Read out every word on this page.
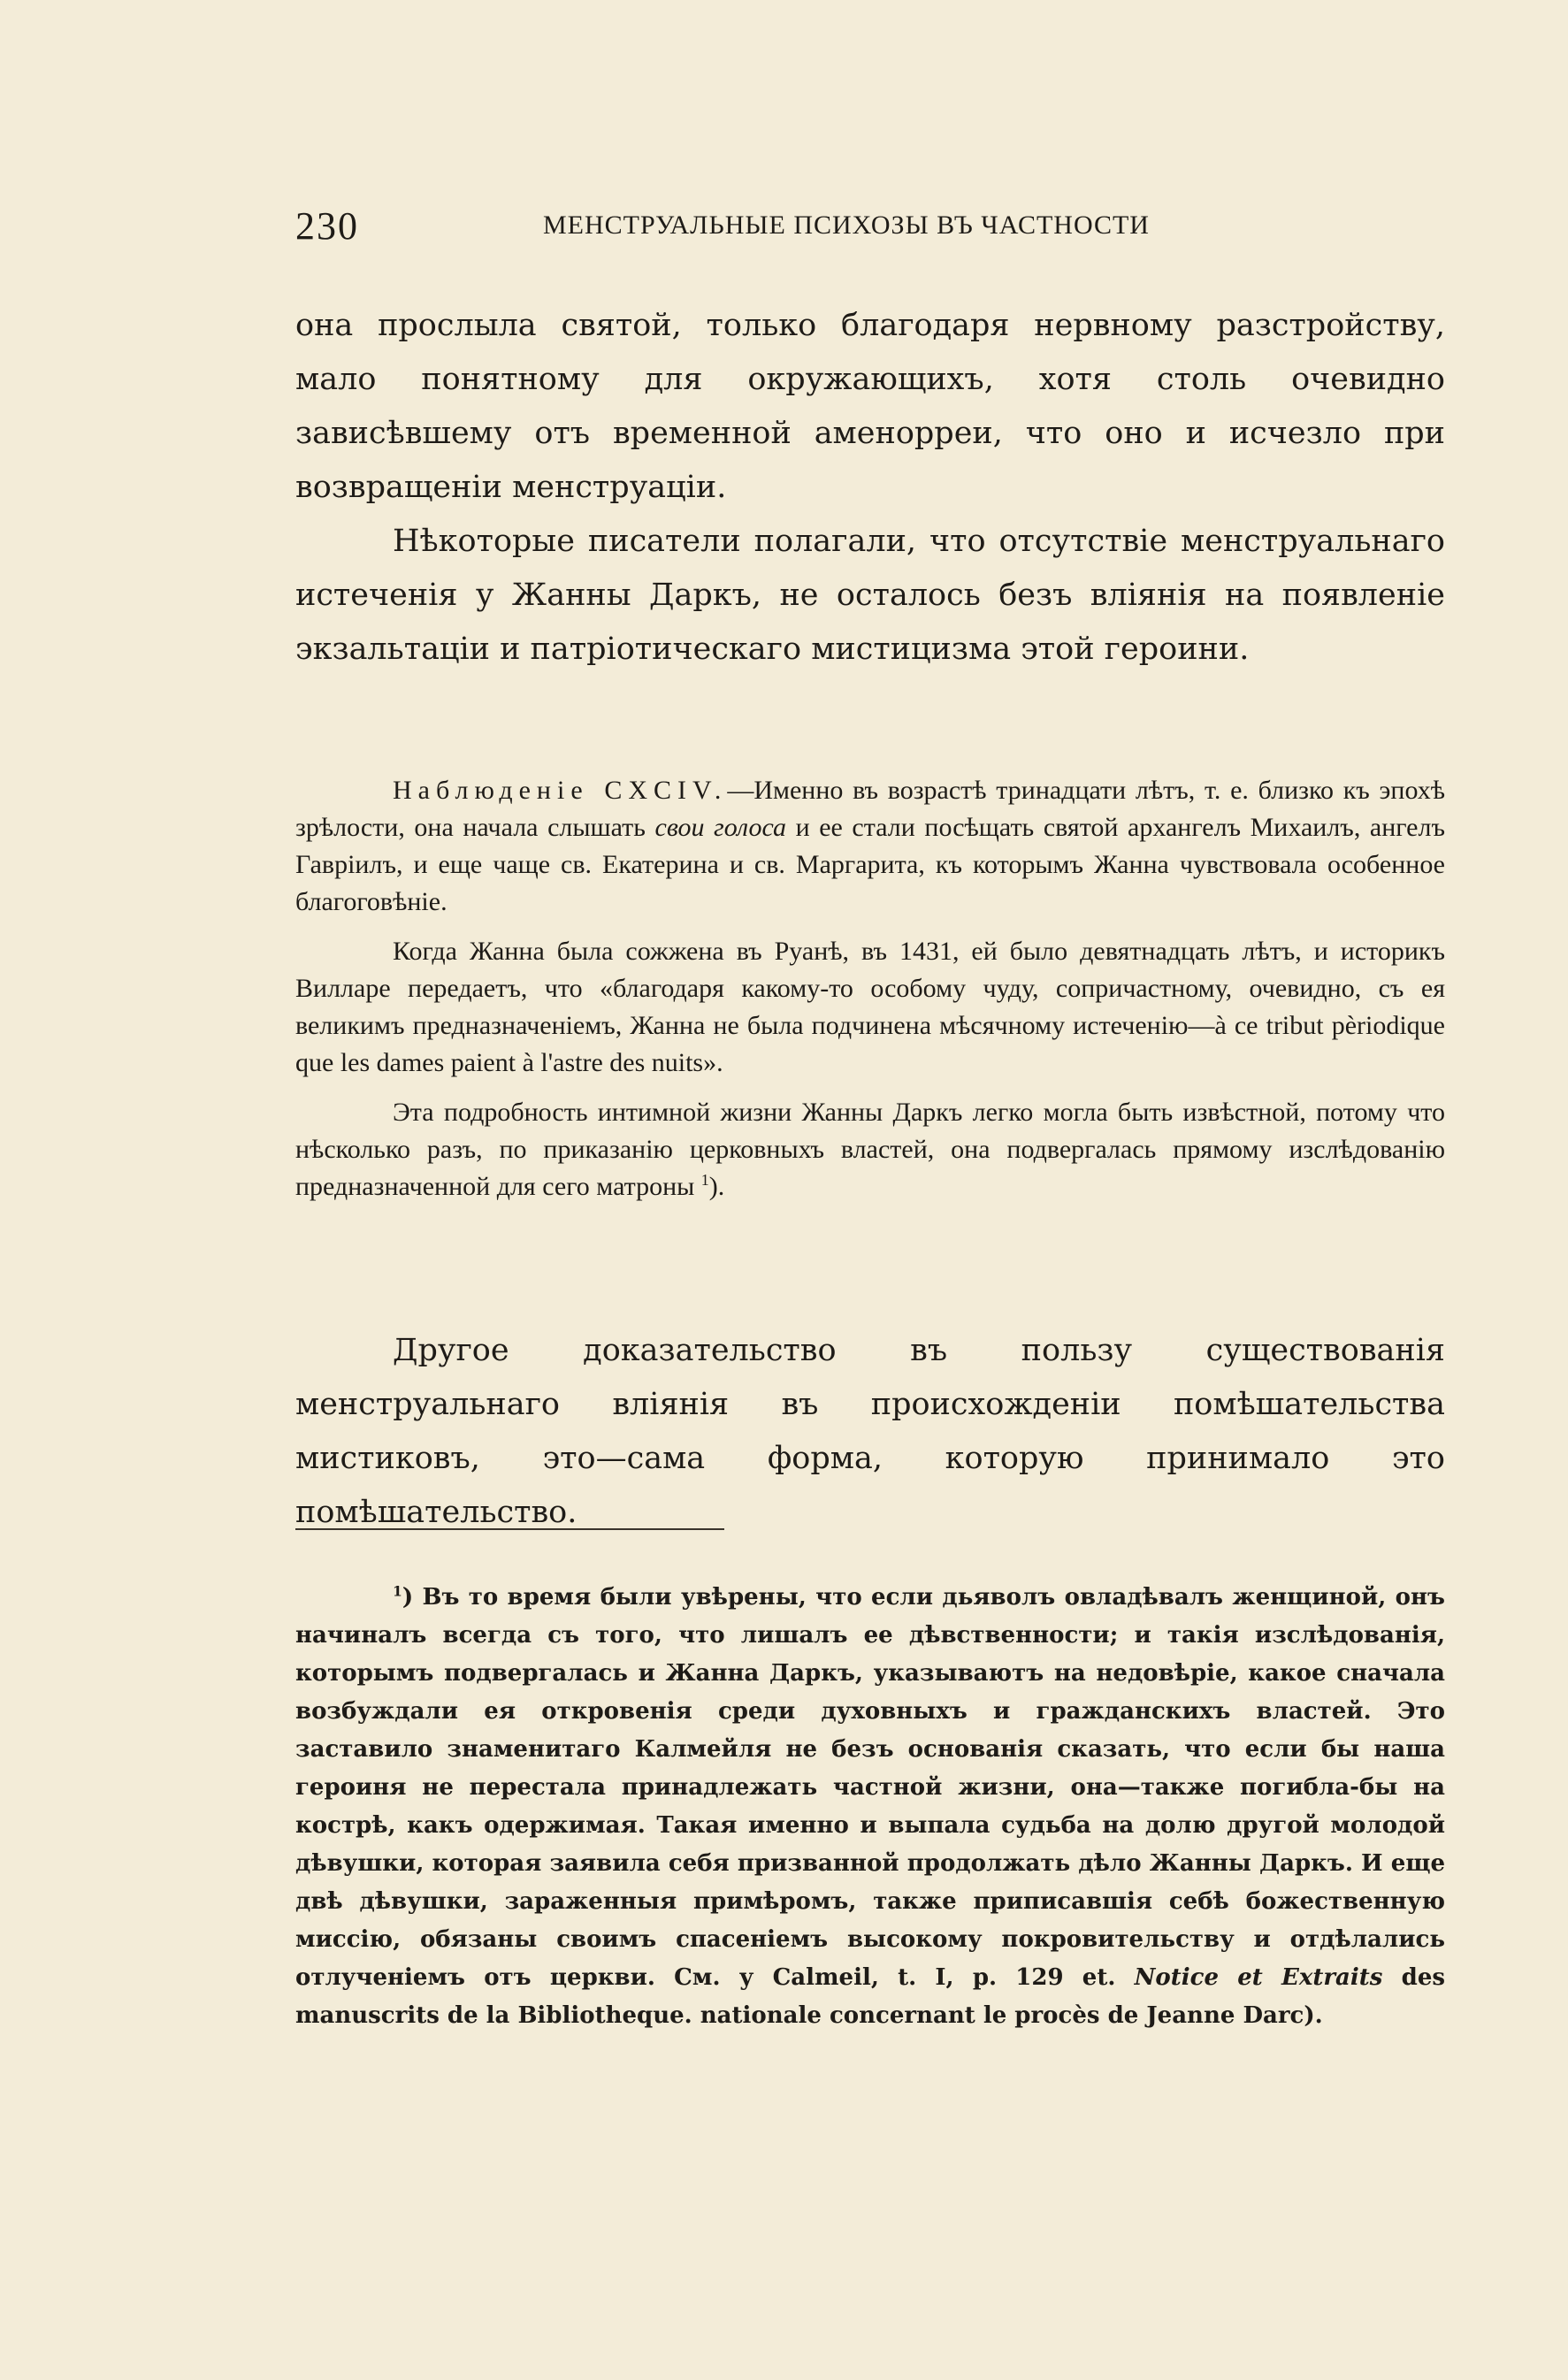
230	МЕНСТРУАЛЬНЫЕ ПСИХОЗЫ ВЪ ЧАСТНОСТИ

она прослыла святой, только благодаря нервному разстройству, мало понятному для окружающихъ, хотя столь очевидно зависѣвшему отъ временной аменорреи, что оно и исчезло при возвращеніи менструаціи.

Нѣкоторые писатели полагали, что отсутствіе менструальнаго истеченія у Жанны Даркъ, не осталось безъ вліянія на появленіе экзальтаціи и патріотическаго мистицизма этой героини.

Наблюденіе CXCIV.—Именно въ возрастѣ тринадцати лѣтъ, т. е. близко къ эпохѣ зрѣлости, она начала слышать свои голоса и ее стали посѣщать святой архангелъ Михаилъ, ангелъ Гавріилъ, и еще чаще св. Екатерина и св. Маргарита, къ которымъ Жанна чувствовала особенное благоговѣніе.

Когда Жанна была сожжена въ Руанѣ, въ 1431, ей было девятнадцать лѣтъ, и историкъ Вилларе передаетъ, что «благодаря какому-то особому чуду, сопричастному, очевидно, съ ея великимъ предназначеніемъ, Жанна не была подчинена мѣсячному истеченію—à ce tribut pèriodique que les dames paient à l'astre des nuits».

Эта подробность интимной жизни Жанны Даркъ легко могла быть извѣстной, потому что нѣсколько разъ, по приказанію церковныхъ властей, она подвергалась прямому изслѣдованію предназначенной для сего матроны $^1$).

Другое доказательство въ пользу существованія менструальнаго вліянія въ происхожденіи помѣшательства мистиковъ, это—сама форма, которую принимало это помѣшательство.

$^1$) Въ то время были увѣрены, что если дьяволъ овладѣвалъ женщиной, онъ начиналъ всегда съ того, что лишалъ ее дѣвственности; и такія изслѣдованія, которымъ подвергалась и Жанна Даркъ, указываютъ на недовѣріе, какое сначала возбуждали ея откровенія среди духовныхъ и гражданскихъ властей. Это заставило знаменитаго Калмейля не безъ основанія сказать, что если бы наша героиня не перестала принадлежать частной жизни, она—также погибла-бы на кострѣ, какъ одержимая. Такая именно и выпала судьба на долю другой молодой дѣвушки, которая заявила себя призванной продолжать дѣло Жанны Даркъ. И еще двѣ дѣвушки, зараженныя примѣромъ, также приписавшія себѣ божественную миссію, обязаны своимъ спасеніемъ высокому покровительству и отдѣлались отлученіемъ отъ церкви. См. у Calmeil, t. I, p. 129 et. Notice et Extraits des manuscrits de la Bibliotheque. nationale concernant le procès de Jeanne Darc).
